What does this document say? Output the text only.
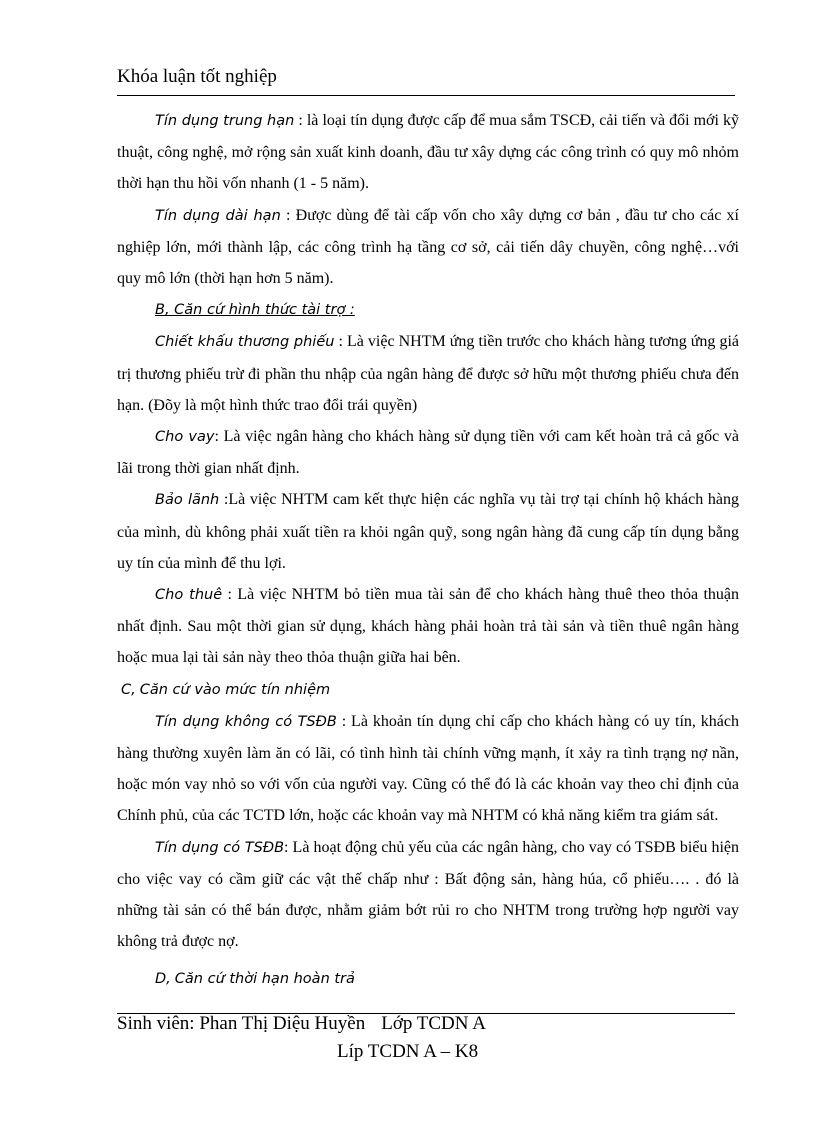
Khóa luận tốt nghiệp

Tín dụng trung hạn : là loại tín dụng được cấp để mua sắm TSCĐ, cải tiến và đổi mới kỹ thuật, công nghệ, mở rộng sản xuất kinh doanh, đầu tư xây dựng các công trình có quy mô nhỏm thời hạn thu hồi vốn nhanh (1 - 5 năm).

Tín dụng dài hạn : Được dùng để tài cấp vốn cho xây dựng cơ bản , đầu tư cho các xí nghiệp lớn, mới thành lập, các công trình hạ tầng cơ sở, cải tiến dây chuyền, công nghệ…với quy mô lớn (thời hạn hơn 5 năm).

B, Căn cứ hình thức tài trợ :

Chiết khấu thương phiếu : Là việc NHTM ứng tiền trước cho khách hàng tương ứng giá trị thương phiếu trừ đi phần thu nhập của ngân hàng để được sở hữu một thương phiếu chưa đến hạn. (Đõy là một hình thức trao đổi trái quyền)

Cho vay: Là việc ngân hàng cho khách hàng sử dụng tiền với cam kết hoàn trả cả gốc và lãi trong thời gian nhất định.

Bảo lãnh :Là việc NHTM cam kết thực hiện các nghĩa vụ tài trợ tại chính hộ khách hàng của mình, dù không phải xuất tiền ra khỏi ngân quỹ, song ngân hàng đã cung cấp tín dụng bằng uy tín của mình để thu lợi.

Cho thuê : Là việc NHTM bỏ tiền mua tài sản để cho khách hàng thuê theo thỏa thuận nhất định. Sau một thời gian sử dụng, khách hàng phải hoàn trả tài sản và tiền thuê ngân hàng hoặc mua lại tài sản này theo thỏa thuận giữa hai bên.

C, Căn cứ vào mức tín nhiệm

Tín dụng không có TSĐB : Là khoản tín dụng chỉ cấp cho khách hàng có uy tín, khách hàng thường xuyên làm ăn có lãi, có tình hình tài chính vững mạnh, ít xảy ra tình trạng nợ nần, hoặc món vay nhỏ so với vốn của người vay. Cũng có thể đó là các khoản vay theo chỉ định của Chính phủ, của các TCTD lớn, hoặc các khoản vay mà NHTM có khả năng kiểm tra giám sát.

Tín dụng có TSĐB: Là hoạt động chủ yếu của các ngân hàng, cho vay có TSĐB biểu hiện cho việc vay có cầm giữ các vật thế chấp như : Bất động sản, hàng húa, cổ phiếu…. . đó là những tài sản có thể bán được, nhằm giảm bớt rủi ro cho NHTM trong trường hợp người vay không trả được nợ.

D, Căn cứ thời hạn hoàn trả

Sinh viên: Phan Thị Diệu Huyền Lớp TCDN A
Líp TCDN A – K8
